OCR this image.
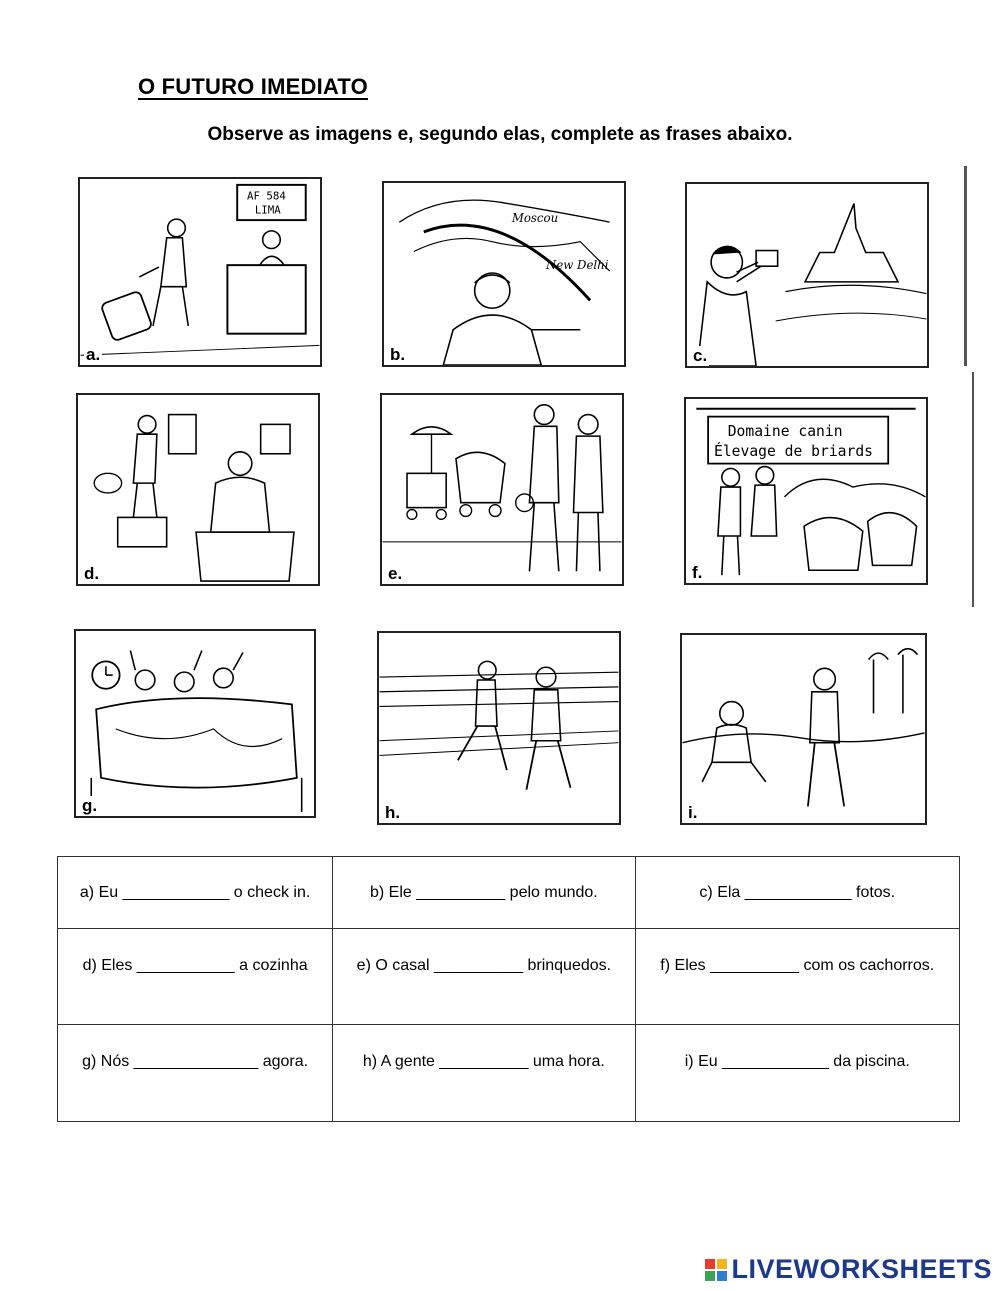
O FUTURO IMEDIATO
Observe as imagens e, segundo elas, complete as frases abaixo.
AF 584
LIMA
a.
Moscou
New Delhi
b.	c.
d.	e.
Domaine canin
Élevage de briards
f.
g.	h.	i.
a) Eu ____________ o check in.	b) Ele __________ pelo mundo.	c) Ela ____________ fotos.
d) Eles ___________ a cozinha	e) O casal __________ brinquedos.	f) Eles __________ com os cachorros.
g) Nós ______________ agora.	h) A gente __________ uma hora.	i) Eu ____________ da piscina.
LIVEWORKSHEETS
